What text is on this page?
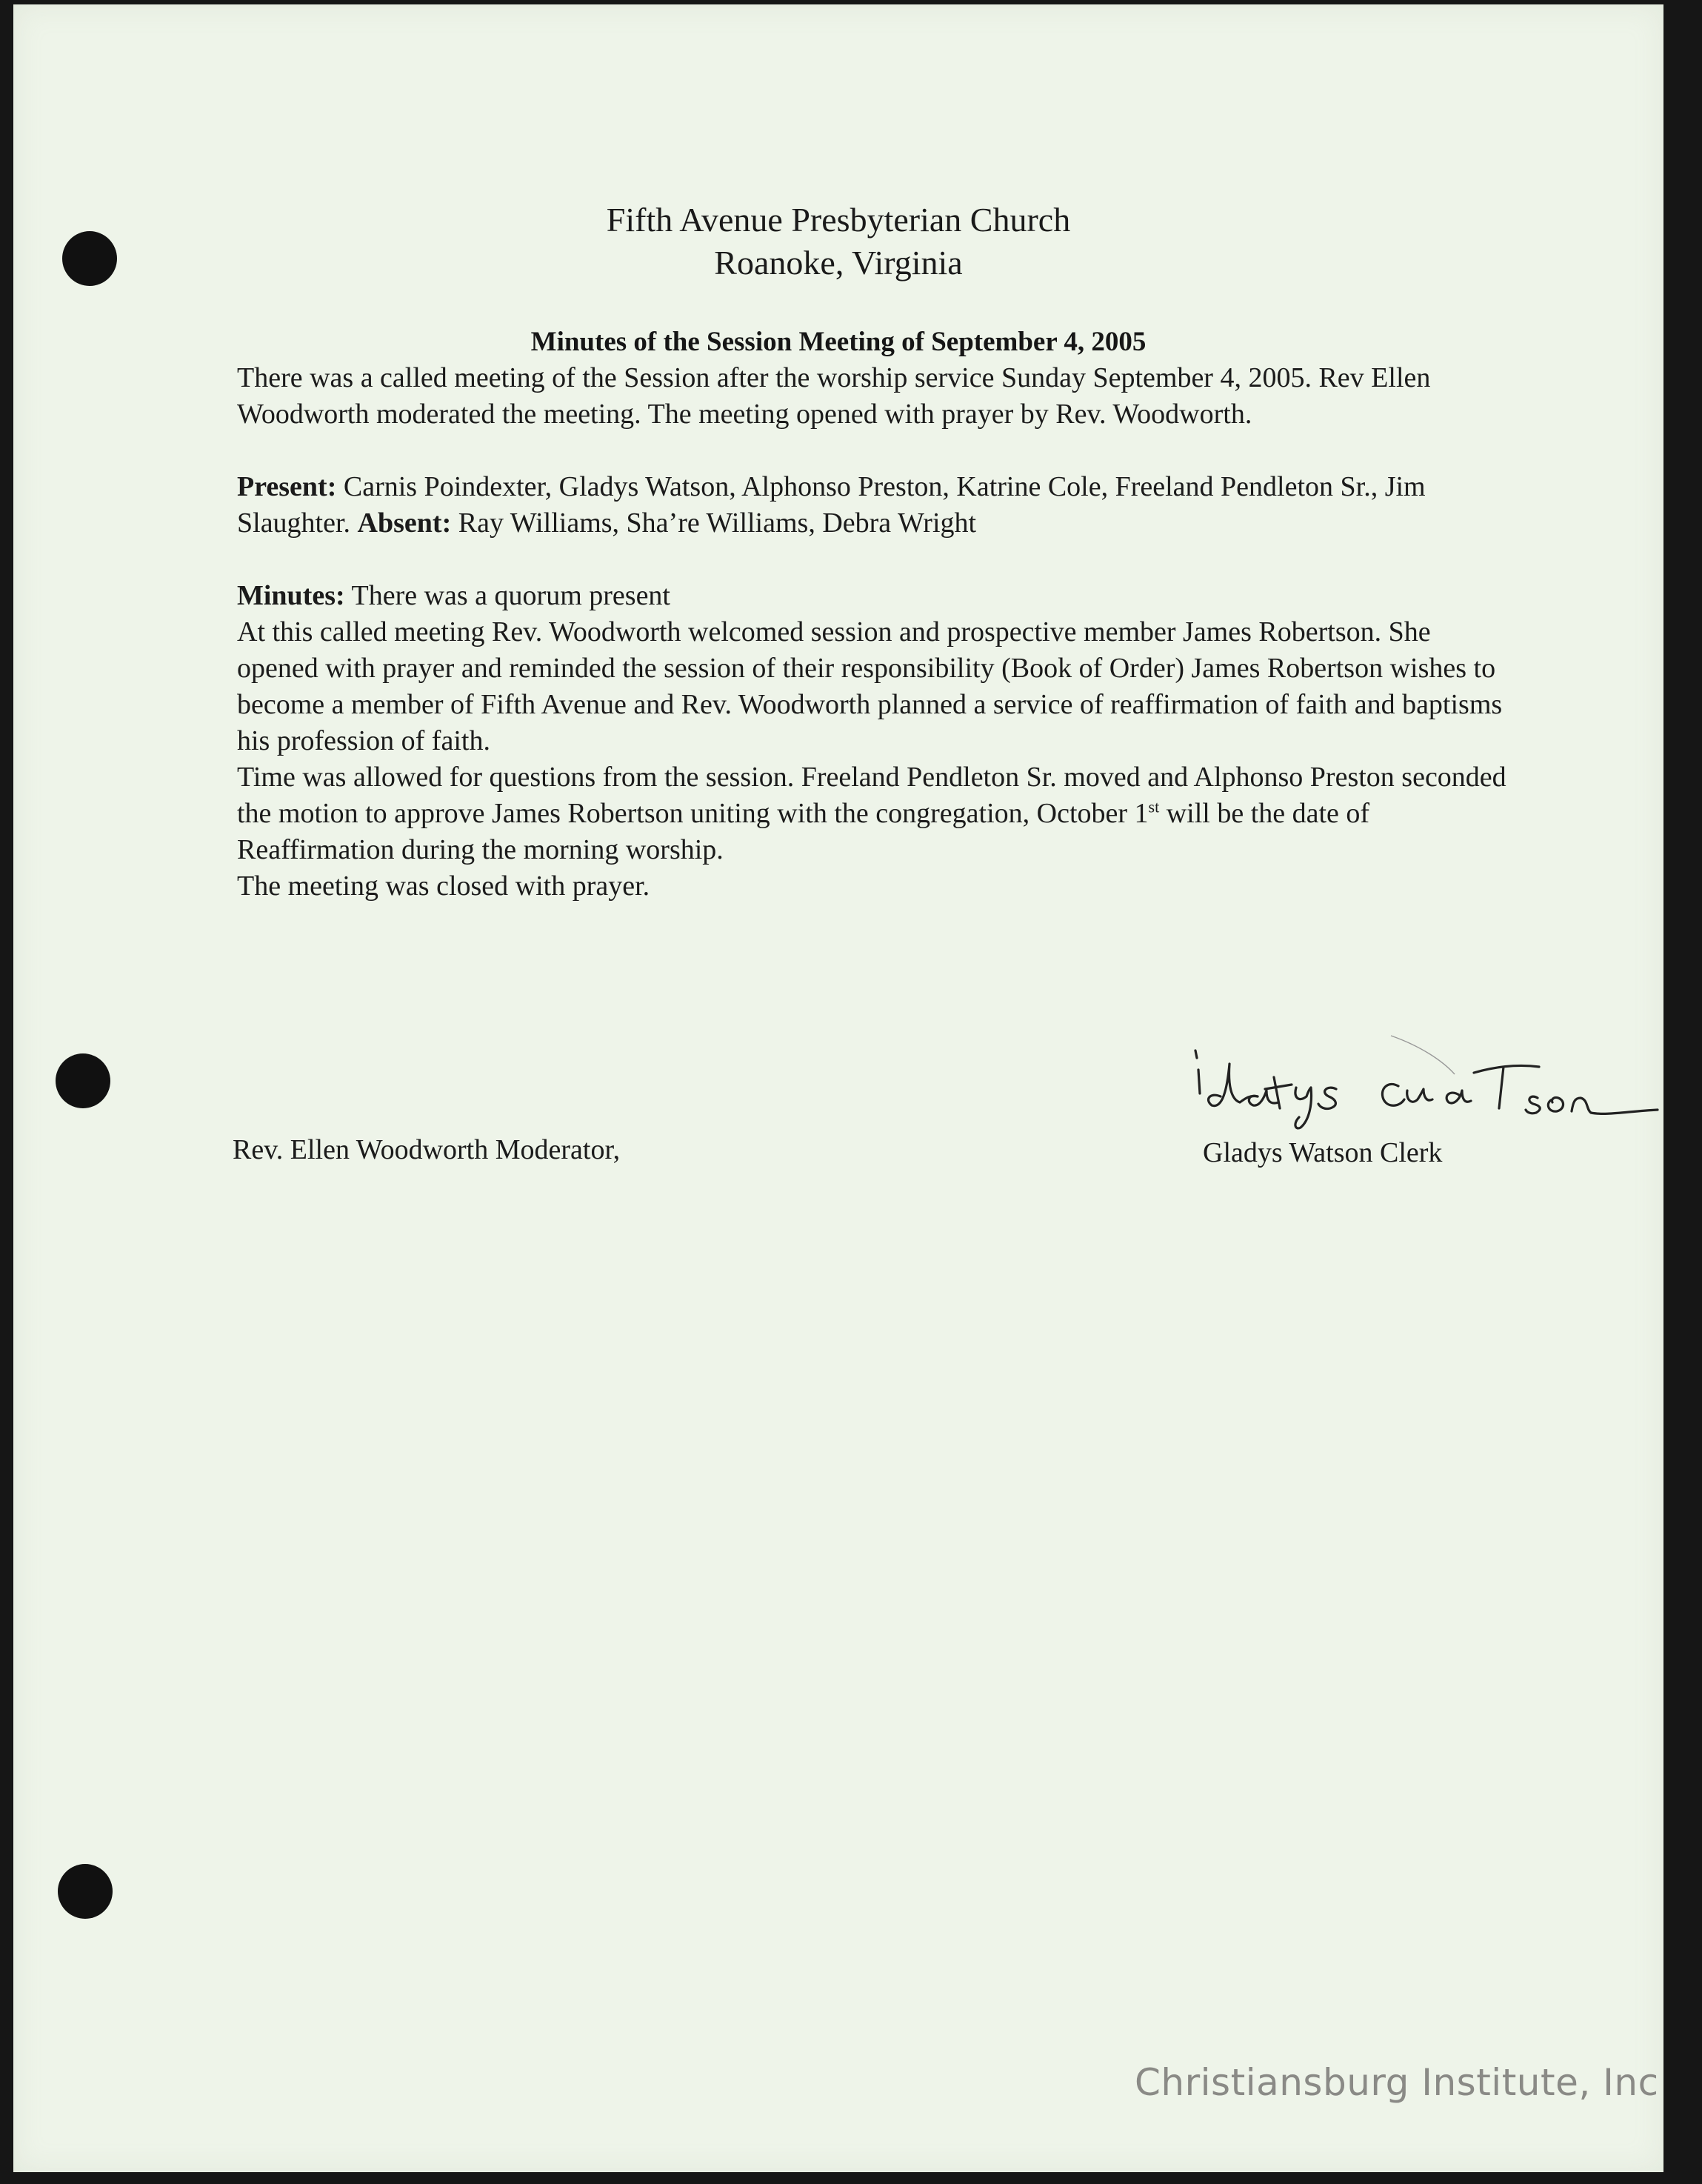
Fifth Avenue Presbyterian Church
Roanoke, Virginia
Minutes of the Session Meeting of September 4, 2005

There was a called meeting of the Session after the worship service Sunday September 4, 2005. Rev Ellen Woodworth moderated the meeting. The meeting opened with prayer by Rev. Woodworth.

Present: Carnis Poindexter, Gladys Watson, Alphonso Preston, Katrine Cole, Freeland Pendleton Sr., Jim Slaughter. Absent: Ray Williams, Sha’re Williams, Debra Wright

Minutes: There was a quorum present
At this called meeting Rev. Woodworth welcomed session and prospective member James Robertson. She opened with prayer and reminded the session of their responsibility (Book of Order) James Robertson wishes to become a member of Fifth Avenue and Rev. Woodworth planned a service of reaffirmation of faith and baptisms his profession of faith.
Time was allowed for questions from the session. Freeland Pendleton Sr. moved and Alphonso Preston seconded the motion to approve James Robertson uniting with the congregation, October 1st will be the date of Reaffirmation during the morning worship.
The meeting was closed with prayer.

Rev. Ellen Woodworth Moderator,	Gladys Watson Clerk
Christiansburg Institute, Inc
